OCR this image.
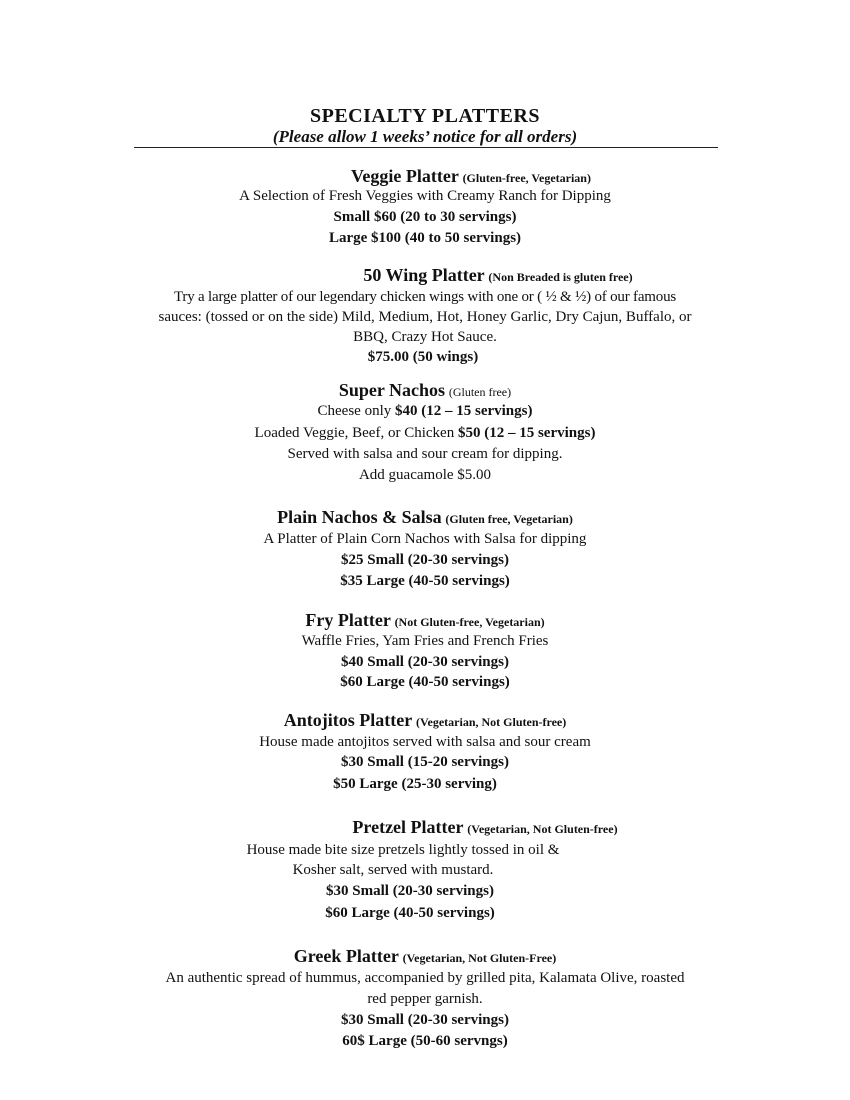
SPECIALTY PLATTERS
(Please allow 1 weeks’ notice for all orders)
Veggie Platter (Gluten-free, Vegetarian)
A Selection of Fresh Veggies with Creamy Ranch for Dipping
Small $60 (20 to 30 servings)
Large $100 (40 to 50 servings)
50 Wing Platter (Non Breaded is gluten free)
Try a large platter of our legendary chicken wings with one or ( ½ & ½) of our famous
sauces: (tossed or on the side) Mild, Medium, Hot, Honey Garlic, Dry Cajun, Buffalo, or
BBQ, Crazy Hot Sauce.
$75.00 (50 wings)
Super Nachos (Gluten free)
Cheese only $40 (12 – 15 servings)
Loaded Veggie, Beef, or Chicken $50 (12 – 15 servings)
Served with salsa and sour cream for dipping.
Add guacamole $5.00
Plain Nachos & Salsa (Gluten free, Vegetarian)
A Platter of Plain Corn Nachos with Salsa for dipping
$25 Small (20-30 servings)
$35 Large (40-50 servings)
Fry Platter (Not Gluten-free, Vegetarian)
Waffle Fries, Yam Fries and French Fries
$40 Small (20-30 servings)
$60 Large (40-50 servings)
Antojitos Platter (Vegetarian, Not Gluten-free)
House made antojitos served with salsa and sour cream
$30 Small (15-20 servings)
$50 Large (25-30 serving)
Pretzel Platter (Vegetarian, Not Gluten-free)
House made bite size pretzels lightly tossed in oil &
Kosher salt, served with mustard.
$30 Small (20-30 servings)
$60 Large (40-50 servings)
Greek Platter (Vegetarian, Not Gluten-Free)
An authentic spread of hummus, accompanied by grilled pita, Kalamata Olive, roasted
red pepper garnish.
$30 Small (20-30 servings)
60$ Large (50-60 servngs)
